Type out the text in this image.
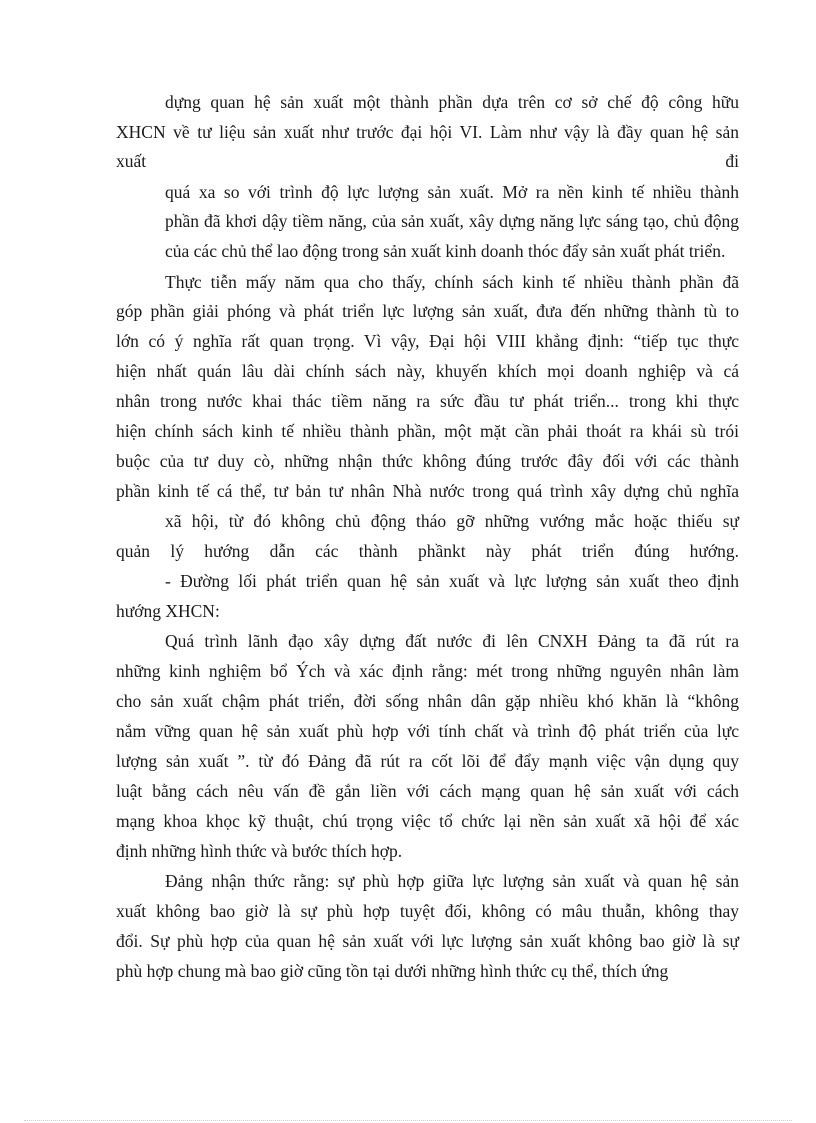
dựng quan hệ sản xuất một thành phần dựa trên cơ sở chế độ công hữu
XHCN về tư liệu sản xuất như trước đại hội VI. Làm như vậy là đầy quan hệ sản
xuất đi
quá xa so với trình độ lực lượng sản xuất. Mở ra nền kinh tế nhiều thành
phần đã khơi dậy tiềm năng, của sản xuất, xây dựng năng lực sáng tạo, chủ động
của các chủ thể lao động trong sản xuất kinh doanh thóc đẩy sản xuất phát triển.
Thực tiễn mấy năm qua cho thấy, chính sách kinh tế nhiều thành phần đã
góp phần giải phóng và phát triển lực lượng sản xuất, đưa đến những thành tù to
lớn có ý nghĩa rất quan trọng. Vì vậy, Đại hội VIII khẳng định: “tiếp tục thực
hiện nhất quán lâu dài chính sách này, khuyến khích mọi doanh nghiệp và cá
nhân trong nước khai thác tiềm năng ra sức đầu tư phát triển... trong khi thực
hiện chính sách kinh tế nhiều thành phần, một mặt cần phải thoát ra khái sù trói
buộc của tư duy cò, những nhận thức không đúng trước đây đối với các thành
phần kinh tế cá thể, tư bản tư nhân Nhà nước trong quá trình xây dựng chủ nghĩa
xã hội, từ đó không chủ động tháo gỡ những vướng mắc hoặc thiếu sự
quản lý hướng dẫn các thành phầnkt này phát triển đúng hướng.
- Đường lối phát triển quan hệ sản xuất và lực lượng sản xuất theo định
hướng XHCN:
Quá trình lãnh đạo xây dựng đất nước đi lên CNXH Đảng ta đã rút ra
những kinh nghiệm bổ Ých và xác định rằng: mét trong những nguyên nhân làm
cho sản xuất chậm phát triển, đời sống nhân dân gặp nhiều khó khăn là “không
nắm vững quan hệ sản xuất phù hợp với tính chất và trình độ phát triển của lực
lượng sản xuất ”. từ đó Đảng đã rút ra cốt lõi để đẩy mạnh việc vận dụng quy
luật bằng cách nêu vấn đề gắn liền với cách mạng quan hệ sản xuất với cách
mạng khoa khọc kỹ thuật, chú trọng việc tổ chức lại nền sản xuất xã hội để xác
định những hình thức và bước thích hợp.
Đảng nhận thức rằng: sự phù hợp giữa lực lượng sản xuất và quan hệ sản
xuất không bao giờ là sự phù hợp tuyệt đối, không có mâu thuẫn, không thay
đổi. Sự phù hợp của quan hệ sản xuất với lực lượng sản xuất không bao giờ là sự
phù hợp chung mà bao giờ cũng tồn tại dưới những hình thức cụ thể, thích ứng
